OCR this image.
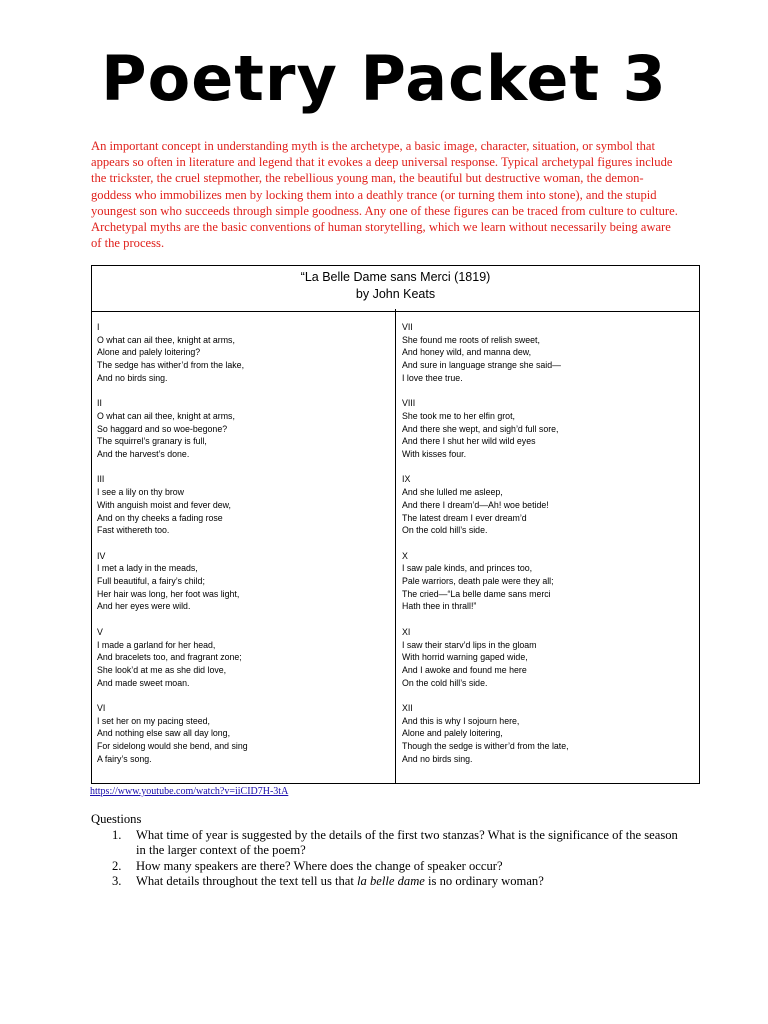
Poetry Packet 3
An important concept in understanding myth is the archetype, a basic image, character, situation, or symbol that appears so often in literature and legend that it evokes a deep universal response. Typical archetypal figures include the trickster, the cruel stepmother, the rebellious young man, the beautiful but destructive woman, the demon-goddess who immobilizes men by locking them into a deathly trance (or turning them into stone), and the stupid youngest son who succeeds through simple goodness. Any one of these figures can be traced from culture to culture. Archetypal myths are the basic conventions of human storytelling, which we learn without necessarily being aware of the process.
“La Belle Dame sans Merci (1819)
by John Keats
I
O what can ail thee, knight at arms,
Alone and palely loitering?
The sedge has wither’d from the lake,
And no birds sing.
II
O what can ail thee, knight at arms,
So haggard and so woe-begone?
The squirrel’s granary is full,
And the harvest’s done.
III
I see a lily on thy brow
With anguish moist and fever dew,
And on thy cheeks a fading rose
Fast withereth too.
IV
I met a lady in the meads,
Full beautiful, a fairy’s child;
Her hair was long, her foot was light,
And her eyes were wild.
V
I made a garland for her head,
And bracelets too, and fragrant zone;
She look’d at me as she did love,
And made sweet moan.
VI
I set her on my pacing steed,
And nothing else saw all day long,
For sidelong would she bend, and sing
A fairy’s song.
VII
She found me roots of relish sweet,
And honey wild, and manna dew,
And sure in language strange she said—
I love thee true.
VIII
She took me to her elfin grot,
And there she wept, and sigh’d full sore,
And there I shut her wild wild eyes
With kisses four.
IX
And she lulled me asleep,
And there I dream’d—Ah! woe betide!
The latest dream I ever dream’d
On the cold hill’s side.
X
I saw pale kinds, and princes too,
Pale warriors, death pale were they all;
The cried—“La belle dame sans merci
Hath thee in thrall!”
XI
I saw their starv’d lips in the gloam
With horrid warning gaped wide,
And I awoke and found me here
On the cold hill’s side.
XII
And this is why I sojourn here,
Alone and palely loitering,
Though the sedge is wither’d from the late,
And no birds sing.
https://www.youtube.com/watch?v=iiCID7H-3tA
Questions
1.	What time of year is suggested by the details of the first two stanzas? What is the significance of the season in the larger context of the poem?
2.	How many speakers are there? Where does the change of speaker occur?
3.	What details throughout the text tell us that la belle dame is no ordinary woman?
